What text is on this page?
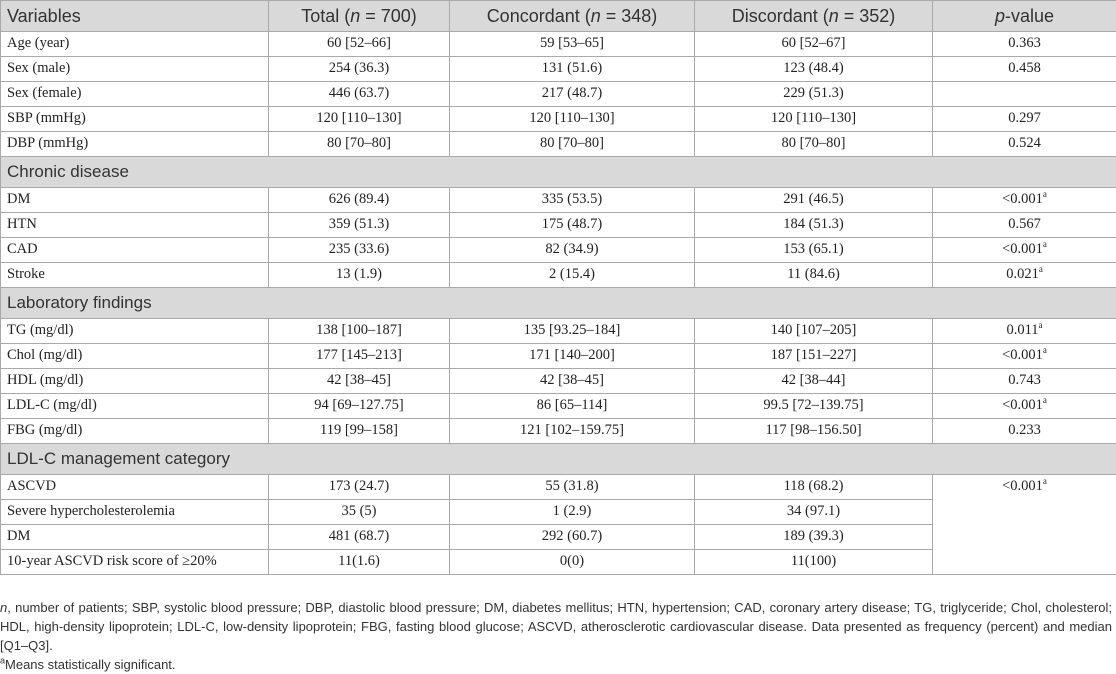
Variables	Total (n = 700)	Concordant (n = 348)	Discordant (n = 352)	p-value
Age (year)	60 [52–66]	59 [53–65]	60 [52–67]	0.363
Sex (male)	254 (36.3)	131 (51.6)	123 (48.4)	0.458
Sex (female)	446 (63.7)	217 (48.7)	229 (51.3)	
SBP (mmHg)	120 [110–130]	120 [110–130]	120 [110–130]	0.297
DBP (mmHg)	80 [70–80]	80 [70–80]	80 [70–80]	0.524
Chronic disease				
DM	626 (89.4)	335 (53.5)	291 (46.5)	<0.001$^a$
HTN	359 (51.3)	175 (48.7)	184 (51.3)	0.567
CAD	235 (33.6)	82 (34.9)	153 (65.1)	<0.001$^a$
Stroke	13 (1.9)	2 (15.4)	11 (84.6)	0.021$^a$
Laboratory findings				
TG (mg/dl)	138 [100–187]	135 [93.25–184]	140 [107–205]	0.011$^a$
Chol (mg/dl)	177 [145–213]	171 [140–200]	187 [151–227]	<0.001$^a$
HDL (mg/dl)	42 [38–45]	42 [38–45]	42 [38–44]	0.743
LDL-C (mg/dl)	94 [69–127.75]	86 [65–114]	99.5 [72–139.75]	<0.001$^a$
FBG (mg/dl)	119 [99–158]	121 [102–159.75]	117 [98–156.50]	0.233
LDL-C management category				
ASCVD	173 (24.7)	55 (31.8)	118 (68.2)	<0.001$^a$
Severe hypercholesterolemia	35 (5)	1 (2.9)	34 (97.1)	
DM	481 (68.7)	292 (60.7)	189 (39.3)	
10-year ASCVD risk score of ≥20%	11(1.6)	0(0)	11(100)	

n, number of patients; SBP, systolic blood pressure; DBP, diastolic blood pressure; DM, diabetes mellitus; HTN, hypertension; CAD, coronary artery disease; TG, triglyceride; Chol, cholesterol; HDL, high-density lipoprotein; LDL-C, low-density lipoprotein; FBG, fasting blood glucose; ASCVD, atherosclerotic cardiovascular disease. Data presented as frequency (percent) and median [Q1–Q3].

$^a$Means statistically significant.
